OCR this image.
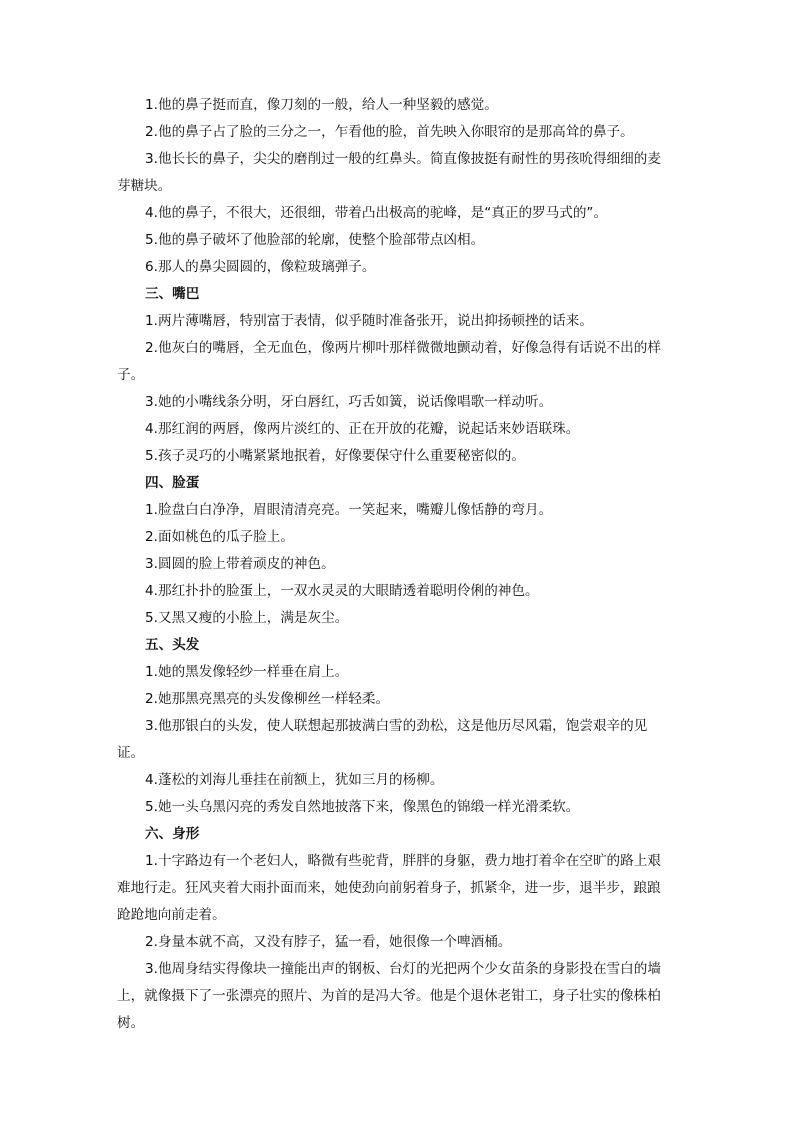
1.他的鼻子挺而直，像刀刻的一般，给人一种坚毅的感觉。

2.他的鼻子占了脸的三分之一，乍看他的脸，首先映入你眼帘的是那高耸的鼻子。

3.他长长的鼻子，尖尖的磨削过一般的红鼻头。简直像披挺有耐性的男孩吮得细细的麦芽糖块。

4.他的鼻子，不很大，还很细，带着凸出极高的驼峰，是“真正的罗马式的”。

5.他的鼻子破坏了他脸部的轮廓，使整个脸部带点凶相。

6.那人的鼻尖圆圆的，像粒玻璃弹子。

三、嘴巴

1.两片薄嘴唇，特别富于表情，似乎随时准备张开，说出抑扬顿挫的话来。

2.他灰白的嘴唇，全无血色，像两片柳叶那样微微地颤动着，好像急得有话说不出的样子。

3.她的小嘴线条分明，牙白唇红，巧舌如簧，说话像唱歌一样动听。

4.那红润的两唇，像两片淡红的、正在开放的花瓣，说起话来妙语联珠。

5.孩子灵巧的小嘴紧紧地抿着，好像要保守什么重要秘密似的。

四、脸蛋

1.脸盘白白净净，眉眼清清亮亮。一笑起来，嘴瓣儿像恬静的弯月。

2.面如桃色的瓜子脸上。

3.圆圆的脸上带着顽皮的神色。

4.那红扑扑的脸蛋上，一双水灵灵的大眼睛透着聪明伶俐的神色。

5.又黑又瘦的小脸上，满是灰尘。

五、头发

1.她的黑发像轻纱一样垂在肩上。

2.她那黑亮黑亮的头发像柳丝一样轻柔。

3.他那银白的头发，使人联想起那披满白雪的劲松，这是他历尽风霜，饱尝艰辛的见证。

4.蓬松的刘海儿垂挂在前额上，犹如三月的杨柳。

5.她一头乌黑闪亮的秀发自然地披落下来，像黑色的锦缎一样光滑柔软。

六、身形

1.十字路边有一个老妇人，略微有些驼背，胖胖的身躯，费力地打着伞在空旷的路上艰难地行走。狂风夹着大雨扑面而来，她使劲向前躬着身子，抓紧伞，进一步，退半步，踉踉跄跄地向前走着。

2.身量本就不高，又没有脖子，猛一看，她很像一个啤酒桶。

3.他周身结实得像块一撞能出声的钢板、台灯的光把两个少女苗条的身影投在雪白的墙上，就像摄下了一张漂亮的照片、为首的是冯大爷。他是个退休老钳工，身子壮实的像株柏树。
